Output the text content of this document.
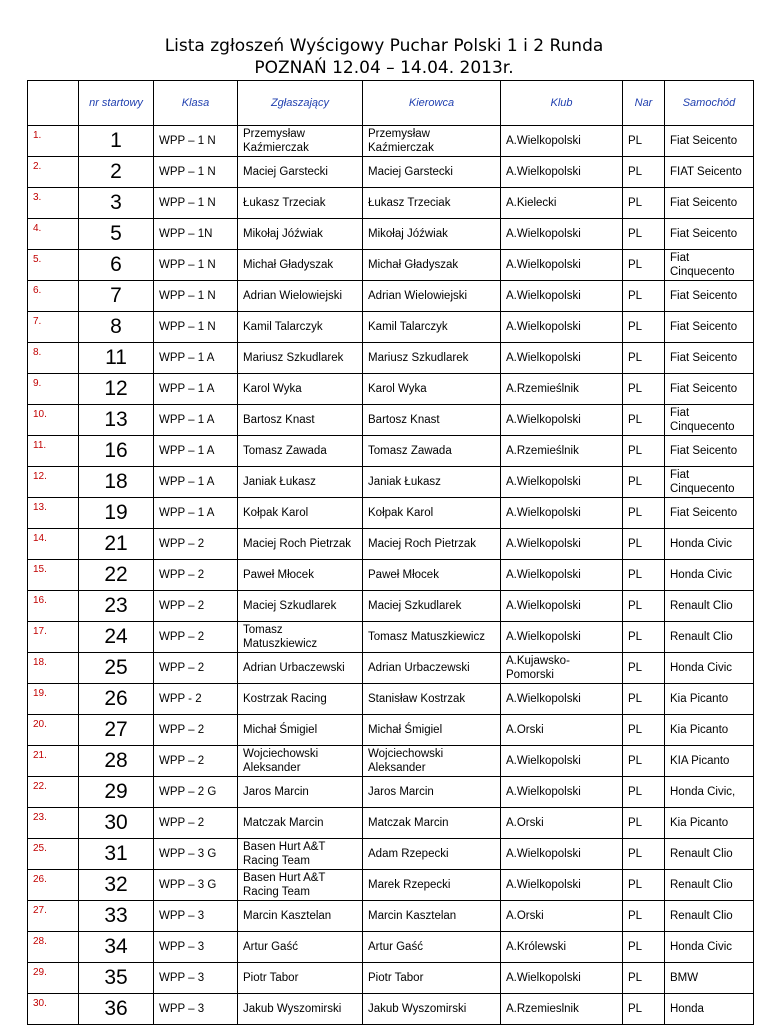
Lista zgłoszeń Wyścigowy Puchar Polski 1 i 2 Runda
POZNAŃ 12.04 – 14.04. 2013r.
	nr startowy	Klasa	Zgłaszający	Kierowca	Klub	Nar	Samochód
1.	1	WPP – 1 N	Przemysław Kaźmierczak	Przemysław Kaźmierczak	A.Wielkopolski	PL	Fiat Seicento
2.	2	WPP – 1 N	Maciej Garstecki	Maciej Garstecki	A.Wielkopolski	PL	FIAT Seicento
3.	3	WPP – 1 N	Łukasz Trzeciak	Łukasz Trzeciak	A.Kielecki	PL	Fiat Seicento
4.	5	WPP – 1N	Mikołaj Jóźwiak	Mikołaj Jóźwiak	A.Wielkopolski	PL	Fiat Seicento
5.	6	WPP – 1 N	Michał Gładyszak	Michał Gładyszak	A.Wielkopolski	PL	Fiat Cinquecento
6.	7	WPP – 1 N	Adrian Wielowiejski	Adrian Wielowiejski	A.Wielkopolski	PL	Fiat Seicento
7.	8	WPP – 1 N	Kamil Talarczyk	Kamil Talarczyk	A.Wielkopolski	PL	Fiat Seicento
8.	11	WPP – 1 A	Mariusz Szkudlarek	Mariusz Szkudlarek	A.Wielkopolski	PL	Fiat Seicento
9.	12	WPP – 1 A	Karol Wyka	Karol Wyka	A.Rzemieślnik	PL	Fiat Seicento
10.	13	WPP – 1 A	Bartosz Knast	Bartosz Knast	A.Wielkopolski	PL	Fiat Cinquecento
11.	16	WPP – 1 A	Tomasz Zawada	Tomasz Zawada	A.Rzemieślnik	PL	Fiat Seicento
12.	18	WPP – 1 A	Janiak Łukasz	Janiak Łukasz	A.Wielkopolski	PL	Fiat Cinquecento
13.	19	WPP – 1 A	Kołpak Karol	Kołpak Karol	A.Wielkopolski	PL	Fiat Seicento
14.	21	WPP – 2	Maciej Roch Pietrzak	Maciej Roch Pietrzak	A.Wielkopolski	PL	Honda Civic
15.	22	WPP – 2	Paweł Młocek	Paweł Młocek	A.Wielkopolski	PL	Honda Civic
16.	23	WPP – 2	Maciej Szkudlarek	Maciej Szkudlarek	A.Wielkopolski	PL	Renault Clio
17.	24	WPP – 2	Tomasz Matuszkiewicz	Tomasz Matuszkiewicz	A.Wielkopolski	PL	Renault Clio
18.	25	WPP – 2	Adrian Urbaczewski	Adrian Urbaczewski	A.Kujawsko-Pomorski	PL	Honda Civic
19.	26	WPP - 2	Kostrzak Racing	Stanisław Kostrzak	A.Wielkopolski	PL	Kia Picanto
20.	27	WPP – 2	Michał Śmigiel	Michał Śmigiel	A.Orski	PL	Kia Picanto
21.	28	WPP – 2	Wojciechowski Aleksander	Wojciechowski Aleksander	A.Wielkopolski	PL	KIA Picanto
22.	29	WPP – 2 G	Jaros Marcin	Jaros Marcin	A.Wielkopolski	PL	Honda Civic,
23.	30	WPP – 2	Matczak Marcin	Matczak Marcin	A.Orski	PL	Kia Picanto
25.	31	WPP – 3 G	Basen Hurt A&T Racing Team	Adam Rzepecki	A.Wielkopolski	PL	Renault Clio
26.	32	WPP – 3 G	Basen Hurt A&T Racing Team	Marek Rzepecki	A.Wielkopolski	PL	Renault Clio
27.	33	WPP – 3	Marcin Kasztelan	Marcin Kasztelan	A.Orski	PL	Renault Clio
28.	34	WPP – 3	Artur Gaść	Artur Gaść	A.Królewski	PL	Honda Civic
29.	35	WPP – 3	Piotr Tabor	Piotr Tabor	A.Wielkopolski	PL	BMW
30.	36	WPP – 3	Jakub Wyszomirski	Jakub Wyszomirski	A.Rzemieslnik	PL	Honda
